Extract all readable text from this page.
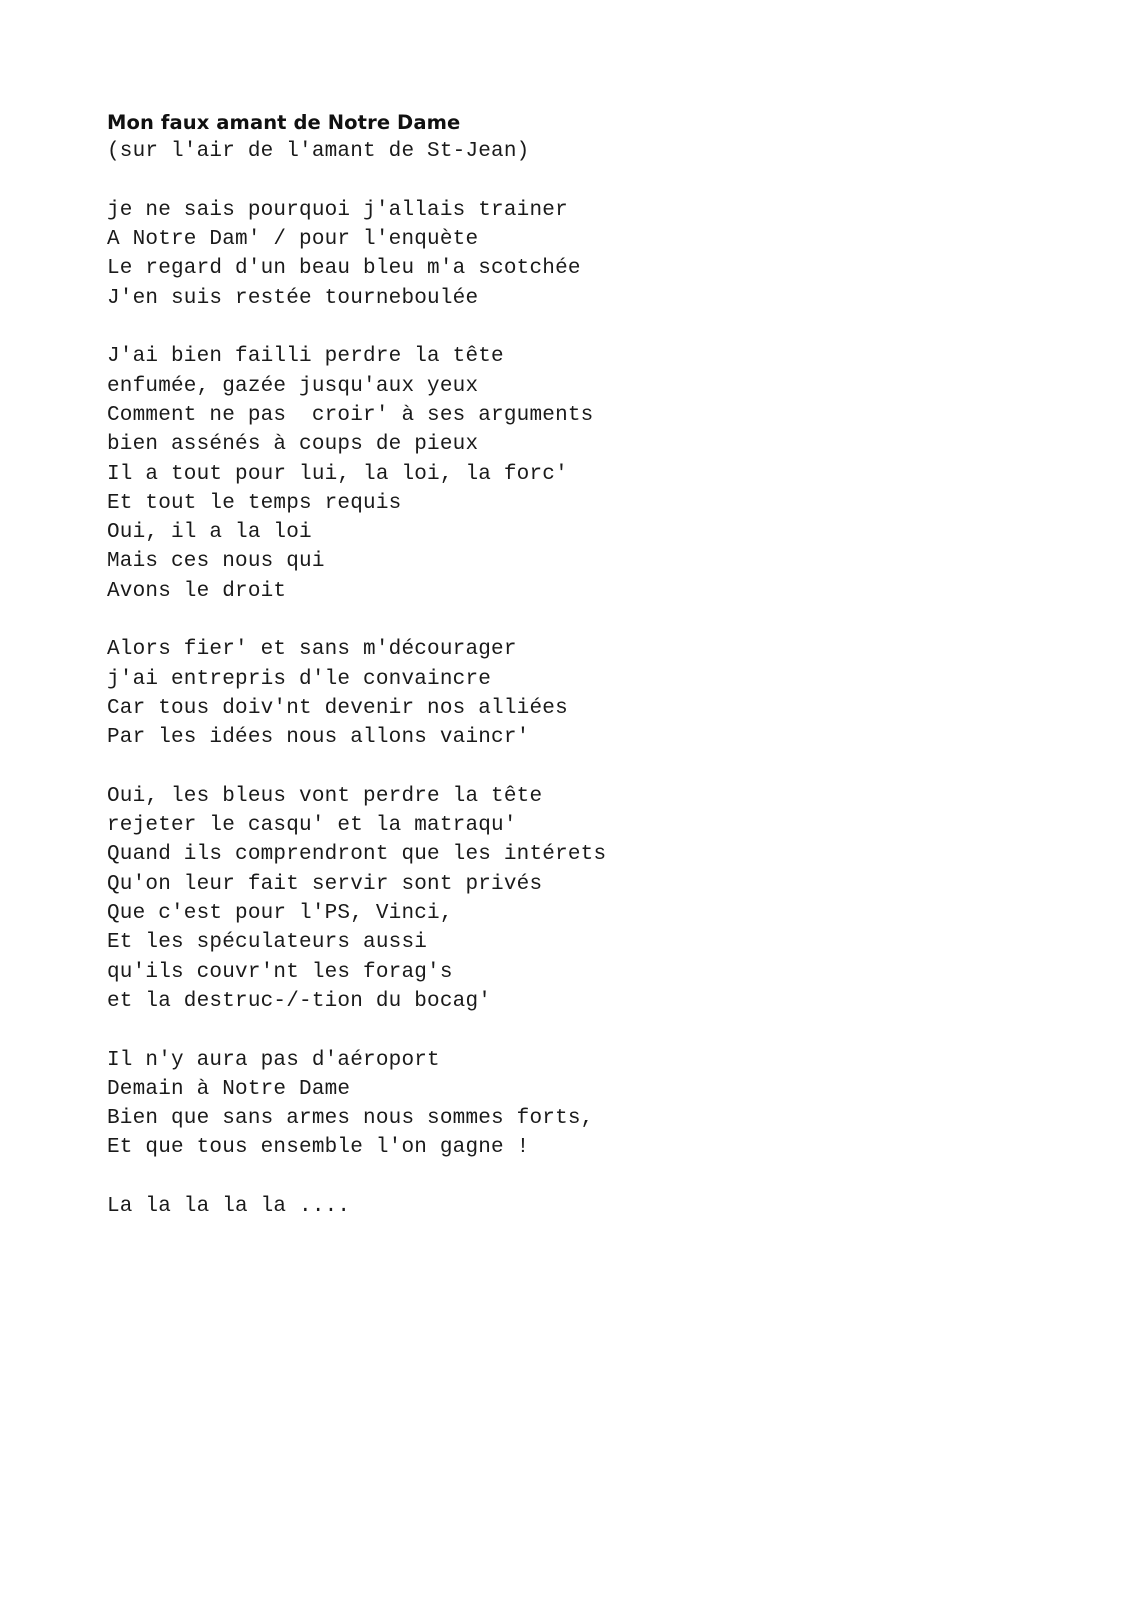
Mon faux amant de Notre Dame
(sur l'air de l'amant de St-Jean)
je ne sais pourquoi j'allais trainer
A Notre Dam' / pour l'enquète
Le regard d'un beau bleu m'a scotchée
J'en suis restée tourneboulée
J'ai bien failli perdre la tête
enfumée, gazée jusqu'aux yeux
Comment ne pas  croir' à ses arguments
bien assénés à coups de pieux
Il a tout pour lui, la loi, la forc'
Et tout le temps requis
Oui, il a la loi
Mais ces nous qui
Avons le droit
Alors fier' et sans m'décourager
j'ai entrepris d'le convaincre
Car tous doiv'nt devenir nos alliées
Par les idées nous allons vaincr'
Oui, les bleus vont perdre la tête
rejeter le casqu' et la matraqu'
Quand ils comprendront que les intérets
Qu'on leur fait servir sont privés
Que c'est pour l'PS, Vinci,
Et les spéculateurs aussi
qu'ils couvr'nt les forag's
et la destruc-/-tion du bocag'
Il n'y aura pas d'aéroport
Demain à Notre Dame
Bien que sans armes nous sommes forts,
Et que tous ensemble l'on gagne !
La la la la la ....
